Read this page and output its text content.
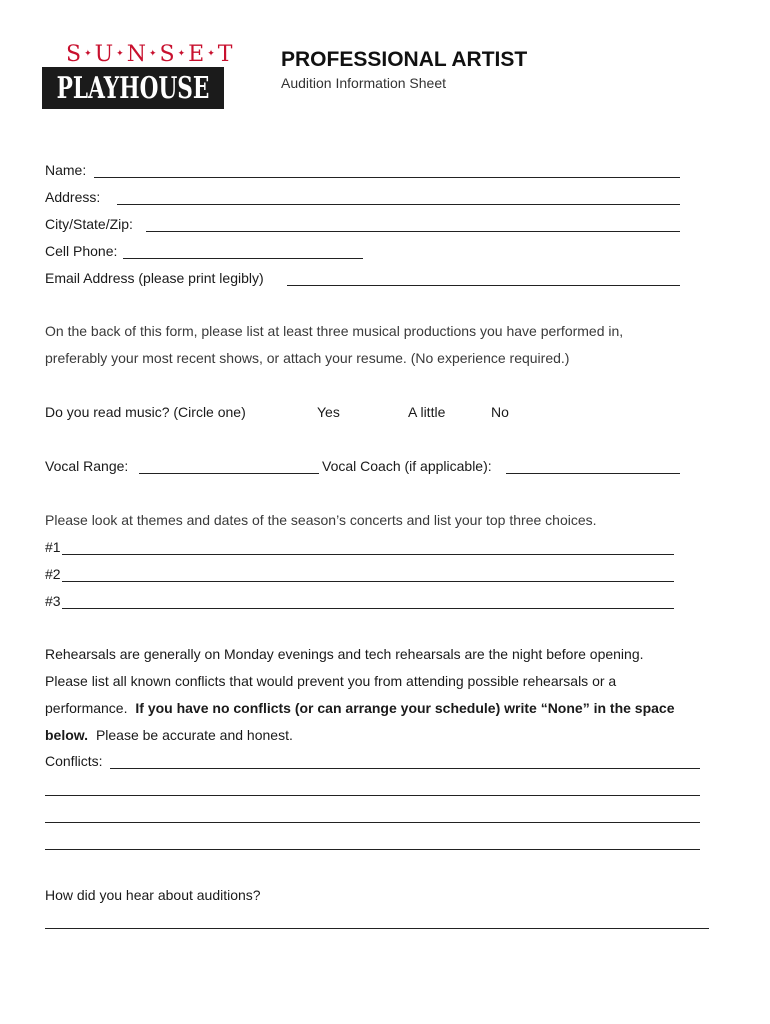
S ✦ U ✦ N ✦ S ✦ E ✦ T
PLAYHOUSE
PROFESSIONAL ARTIST
Audition Information Sheet
Name:
Address:
City/State/Zip:
Cell Phone:
Email Address (please print legibly)
On the back of this form, please list at least three musical productions you have performed in,
preferably your most recent shows, or attach your resume. (No experience required.)
Do you read music? (Circle one)	Yes	A little	No
Vocal Range:	Vocal Coach (if applicable):
Please look at themes and dates of the season’s concerts and list your top three choices.
#1
#2
#3
Rehearsals are generally on Monday evenings and tech rehearsals are the night before opening.
Please list all known conflicts that would prevent you from attending possible rehearsals or a
performance. If you have no conflicts (or can arrange your schedule) write “None” in the space
below. Please be accurate and honest.
Conflicts:
How did you hear about auditions?
